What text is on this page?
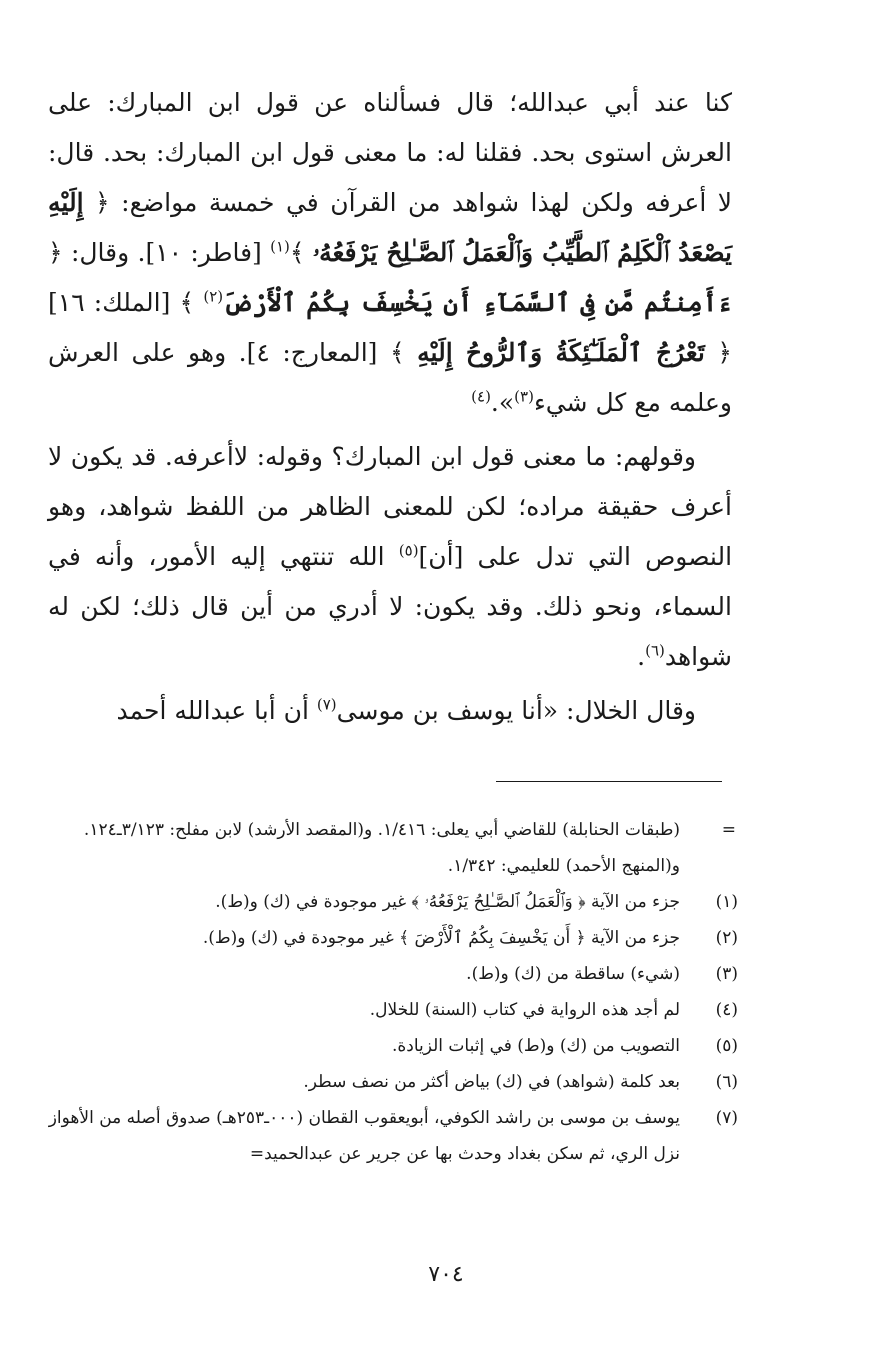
كنا عند أبي عبدالله؛ قال فسألناه عن قول ابن المبارك: على العرش استوى بحد. فقلنا له: ما معنى قول ابن المبارك: بحد. قال: لا أعرفه ولكن لهذا شواهد من القرآن في خمسة مواضع: ﴿ إِلَيْهِ يَصْعَدُ ٱلْكَلِمُ ٱلطَّيِّبُ وَٱلْعَمَلُ ٱلصَّـٰلِحُ يَرْفَعُهُۥ ﴾$^{(١)}$ [فاطر: ١٠]. وقال: ﴿ ءَأَمِنتُم مَّن فِى ٱلسَّمَآءِ أَن يَخْسِفَ بِكُمُ ٱلْأَرْضَ$^{(٢)}$ ﴾ [الملك: ١٦] ﴿ تَعْرُجُ ٱلْمَلَـٰٓئِكَةُ وَٱلرُّوحُ إِلَيْهِ ﴾ [المعارج: ٤]. وهو على العرش وعلمه مع كل شيء$^{(٣)}$».$^{(٤)}$

وقولهم: ما معنى قول ابن المبارك؟ وقوله: لاأعرفه. قد يكون لا أعرف حقيقة مراده؛ لكن للمعنى الظاهر من اللفظ شواهد، وهو النصوص التي تدل على [أن]$^{(٥)}$ الله تنتهي إليه الأمور، وأنه في السماء، ونحو ذلك. وقد يكون: لا أدري من أين قال ذلك؛ لكن له شواهد$^{(٦)}$.

وقال الخلال: «أنا يوسف بن موسى$^{(٧)}$ أن أبا عبدالله أحمد

=
(طبقات الحنابلة) للقاضي أبي يعلى: ١/٤١٦. و(المقصد الأرشد) لابن مفلح: ٣/١٢٣ـ١٢٤. و(المنهج الأحمد) للعليمي: ١/٣٤٢.
(١)
جزء من الآية ﴿ وَٱلْعَمَلُ ٱلصَّـٰلِحُ يَرْفَعُهُۥ ﴾ غير موجودة في (ك) و(ط).
(٢)
جزء من الآية ﴿ أَن يَخْسِفَ بِكُمُ ٱلْأَرْضَ ﴾ غير موجودة في (ك) و(ط).
(٣)
(شيء) ساقطة من (ك) و(ط).
(٤)
لم أجد هذه الرواية في كتاب (السنة) للخلال.
(٥)
التصويب من (ك) و(ط) في إثبات الزيادة.
(٦)
بعد كلمة (شواهد) في (ك) بياض أكثر من نصف سطر.
(٧)
يوسف بن موسى بن راشد الكوفي، أبويعقوب القطان (٠٠٠ـ٢٥٣هـ) صدوق أصله من الأهواز نزل الري، ثم سكن بغداد وحدث بها عن جرير عن عبدالحميد=
٧٠٤
